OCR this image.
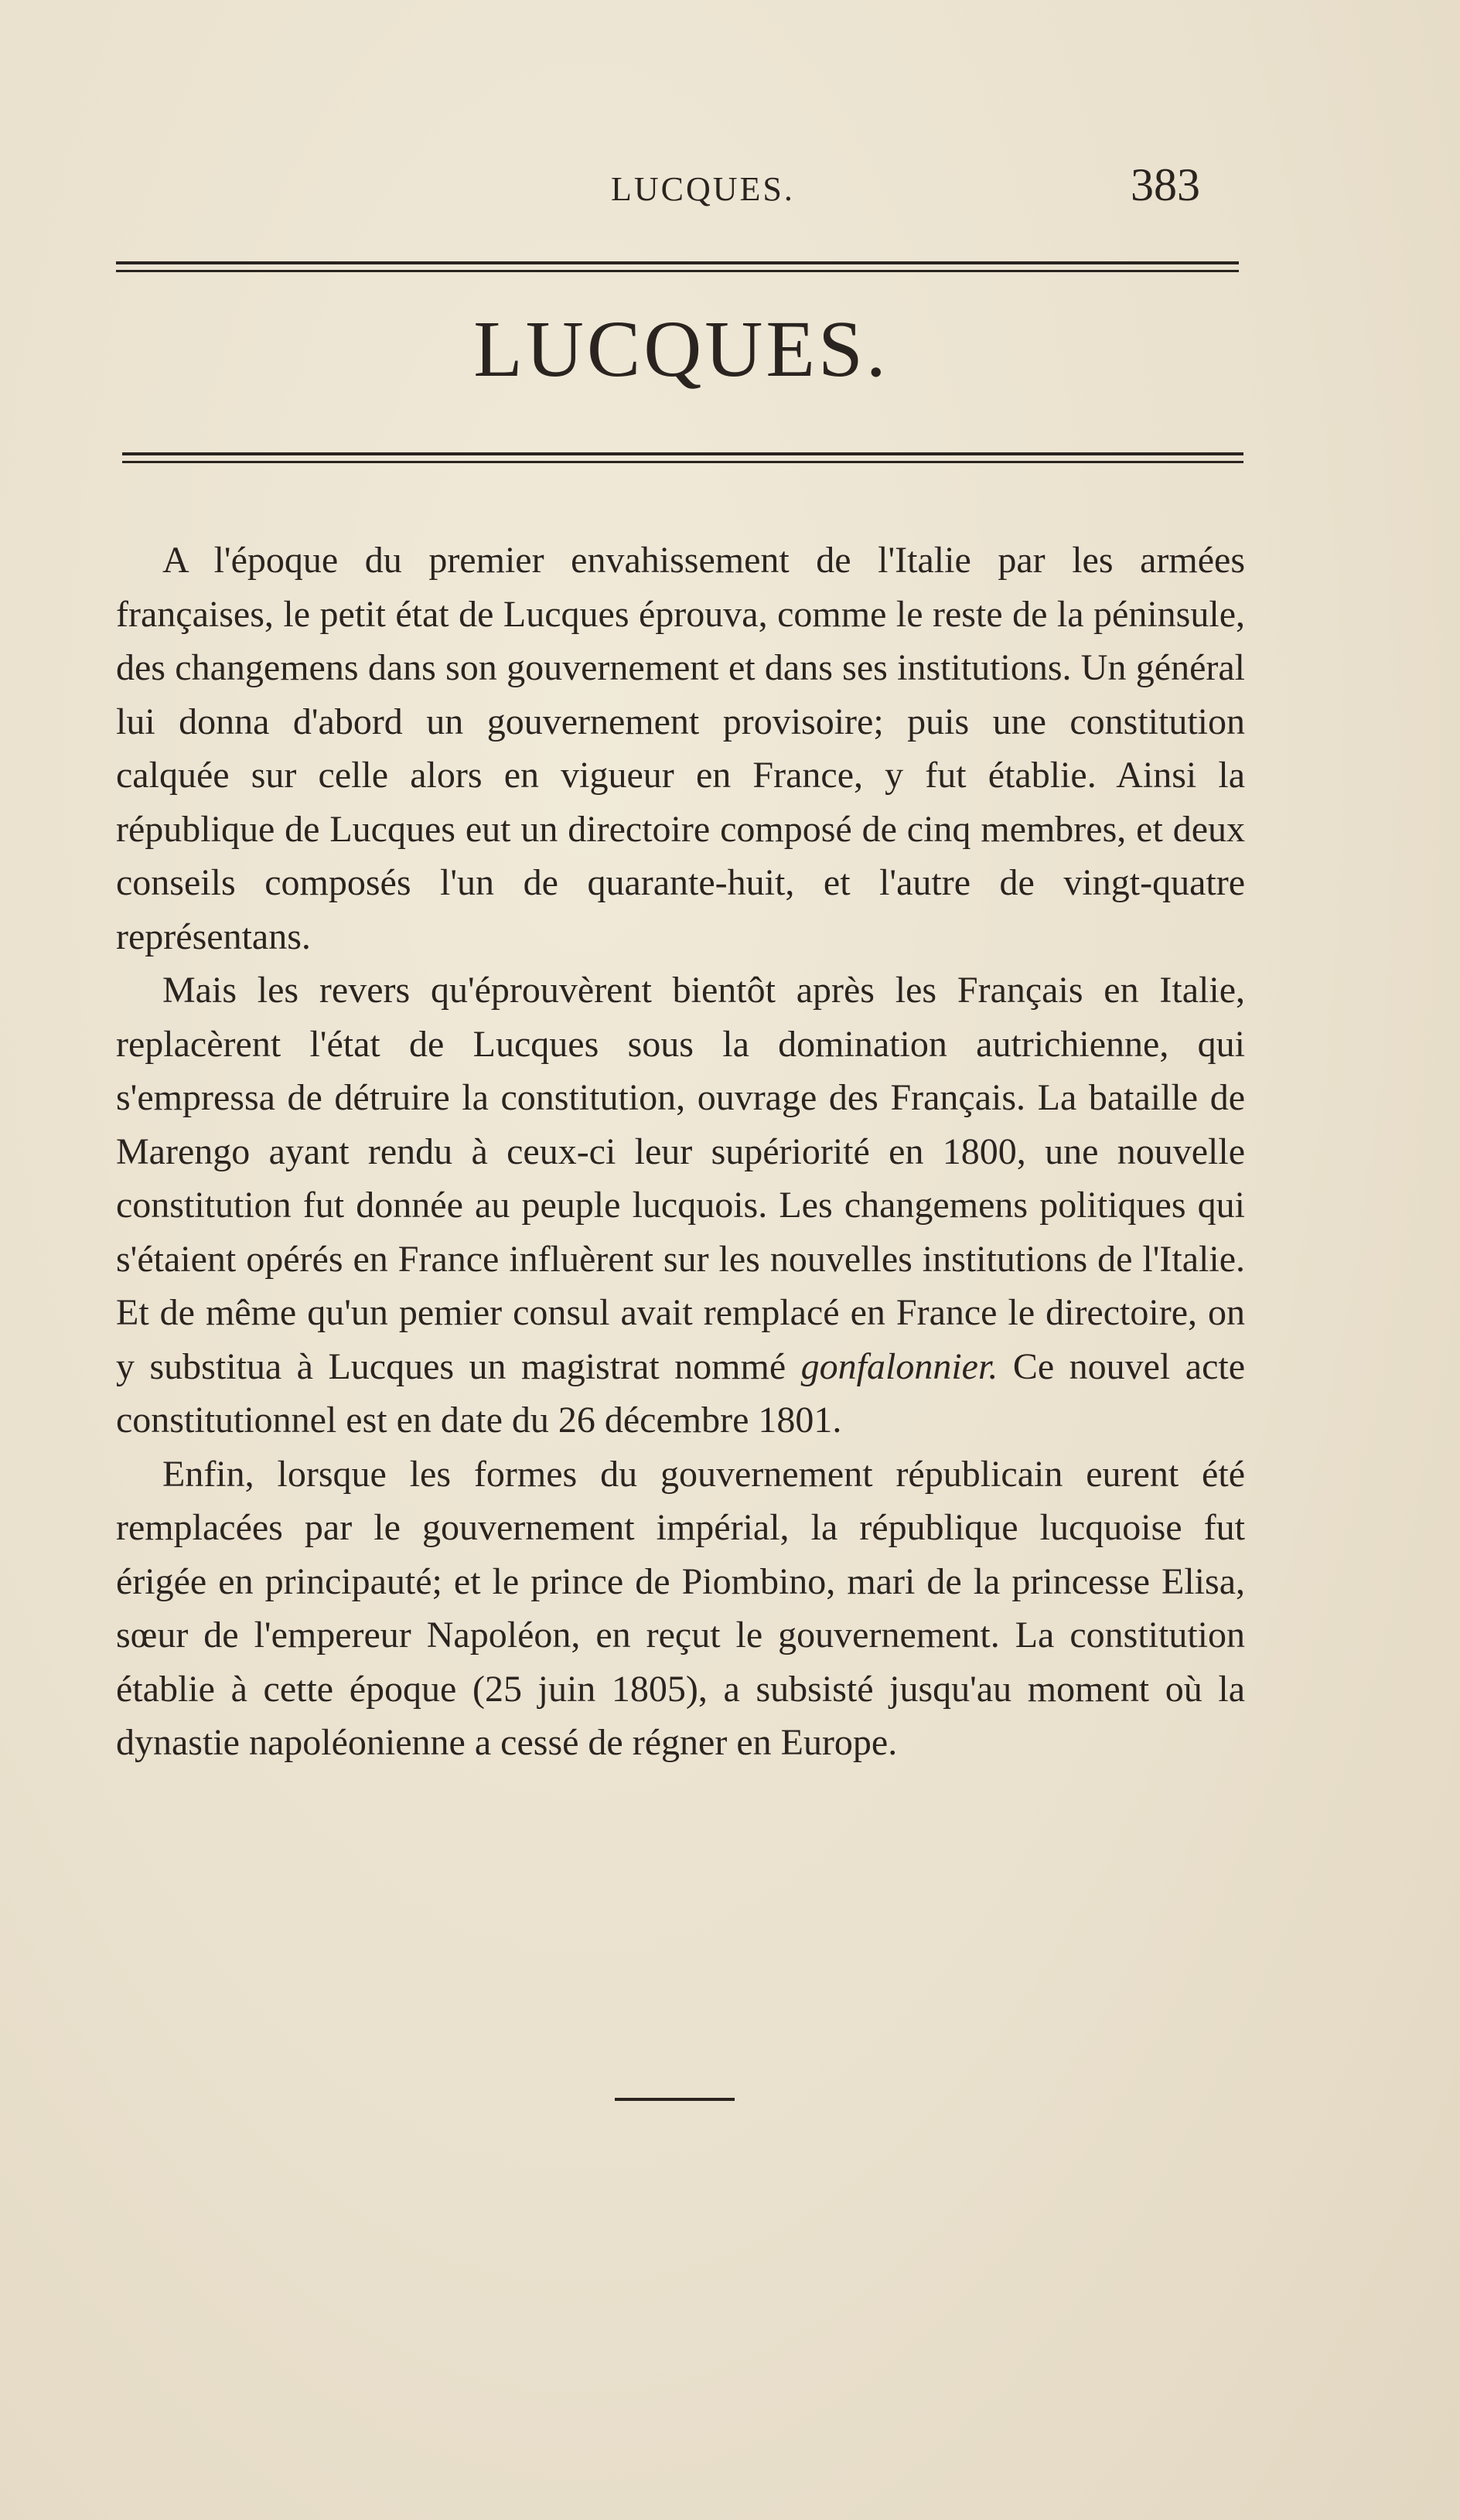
LUCQUES.	383
LUCQUES.

A l'époque du premier envahissement de l'Italie par les armées françaises, le petit état de Lucques éprouva, comme le reste de la péninsule, des changemens dans son gouvernement et dans ses institutions. Un général lui donna d'abord un gouvernement provisoire; puis une constitution calquée sur celle alors en vigueur en France, y fut établie. Ainsi la république de Lucques eut un directoire composé de cinq membres, et deux conseils composés l'un de quarante-huit, et l'autre de vingt-quatre représentans.

Mais les revers qu'éprouvèrent bientôt après les Français en Italie, replacèrent l'état de Lucques sous la domination autrichienne, qui s'empressa de détruire la constitution, ouvrage des Français. La bataille de Marengo ayant rendu à ceux-ci leur supériorité en 1800, une nouvelle constitution fut donnée au peuple lucquois. Les changemens politiques qui s'étaient opérés en France influèrent sur les nouvelles institutions de l'Italie. Et de même qu'un pemier consul avait remplacé en France le directoire, on y substitua à Lucques un magistrat nommé gonfalonnier. Ce nouvel acte constitutionnel est en date du 26 décembre 1801.

Enfin, lorsque les formes du gouvernement républicain eurent été remplacées par le gouvernement impérial, la république lucquoise fut érigée en principauté; et le prince de Piombino, mari de la princesse Elisa, sœur de l'empereur Napoléon, en reçut le gouvernement. La constitution établie à cette époque (25 juin 1805), a subsisté jusqu'au moment où la dynastie napoléonienne a cessé de régner en Europe.
